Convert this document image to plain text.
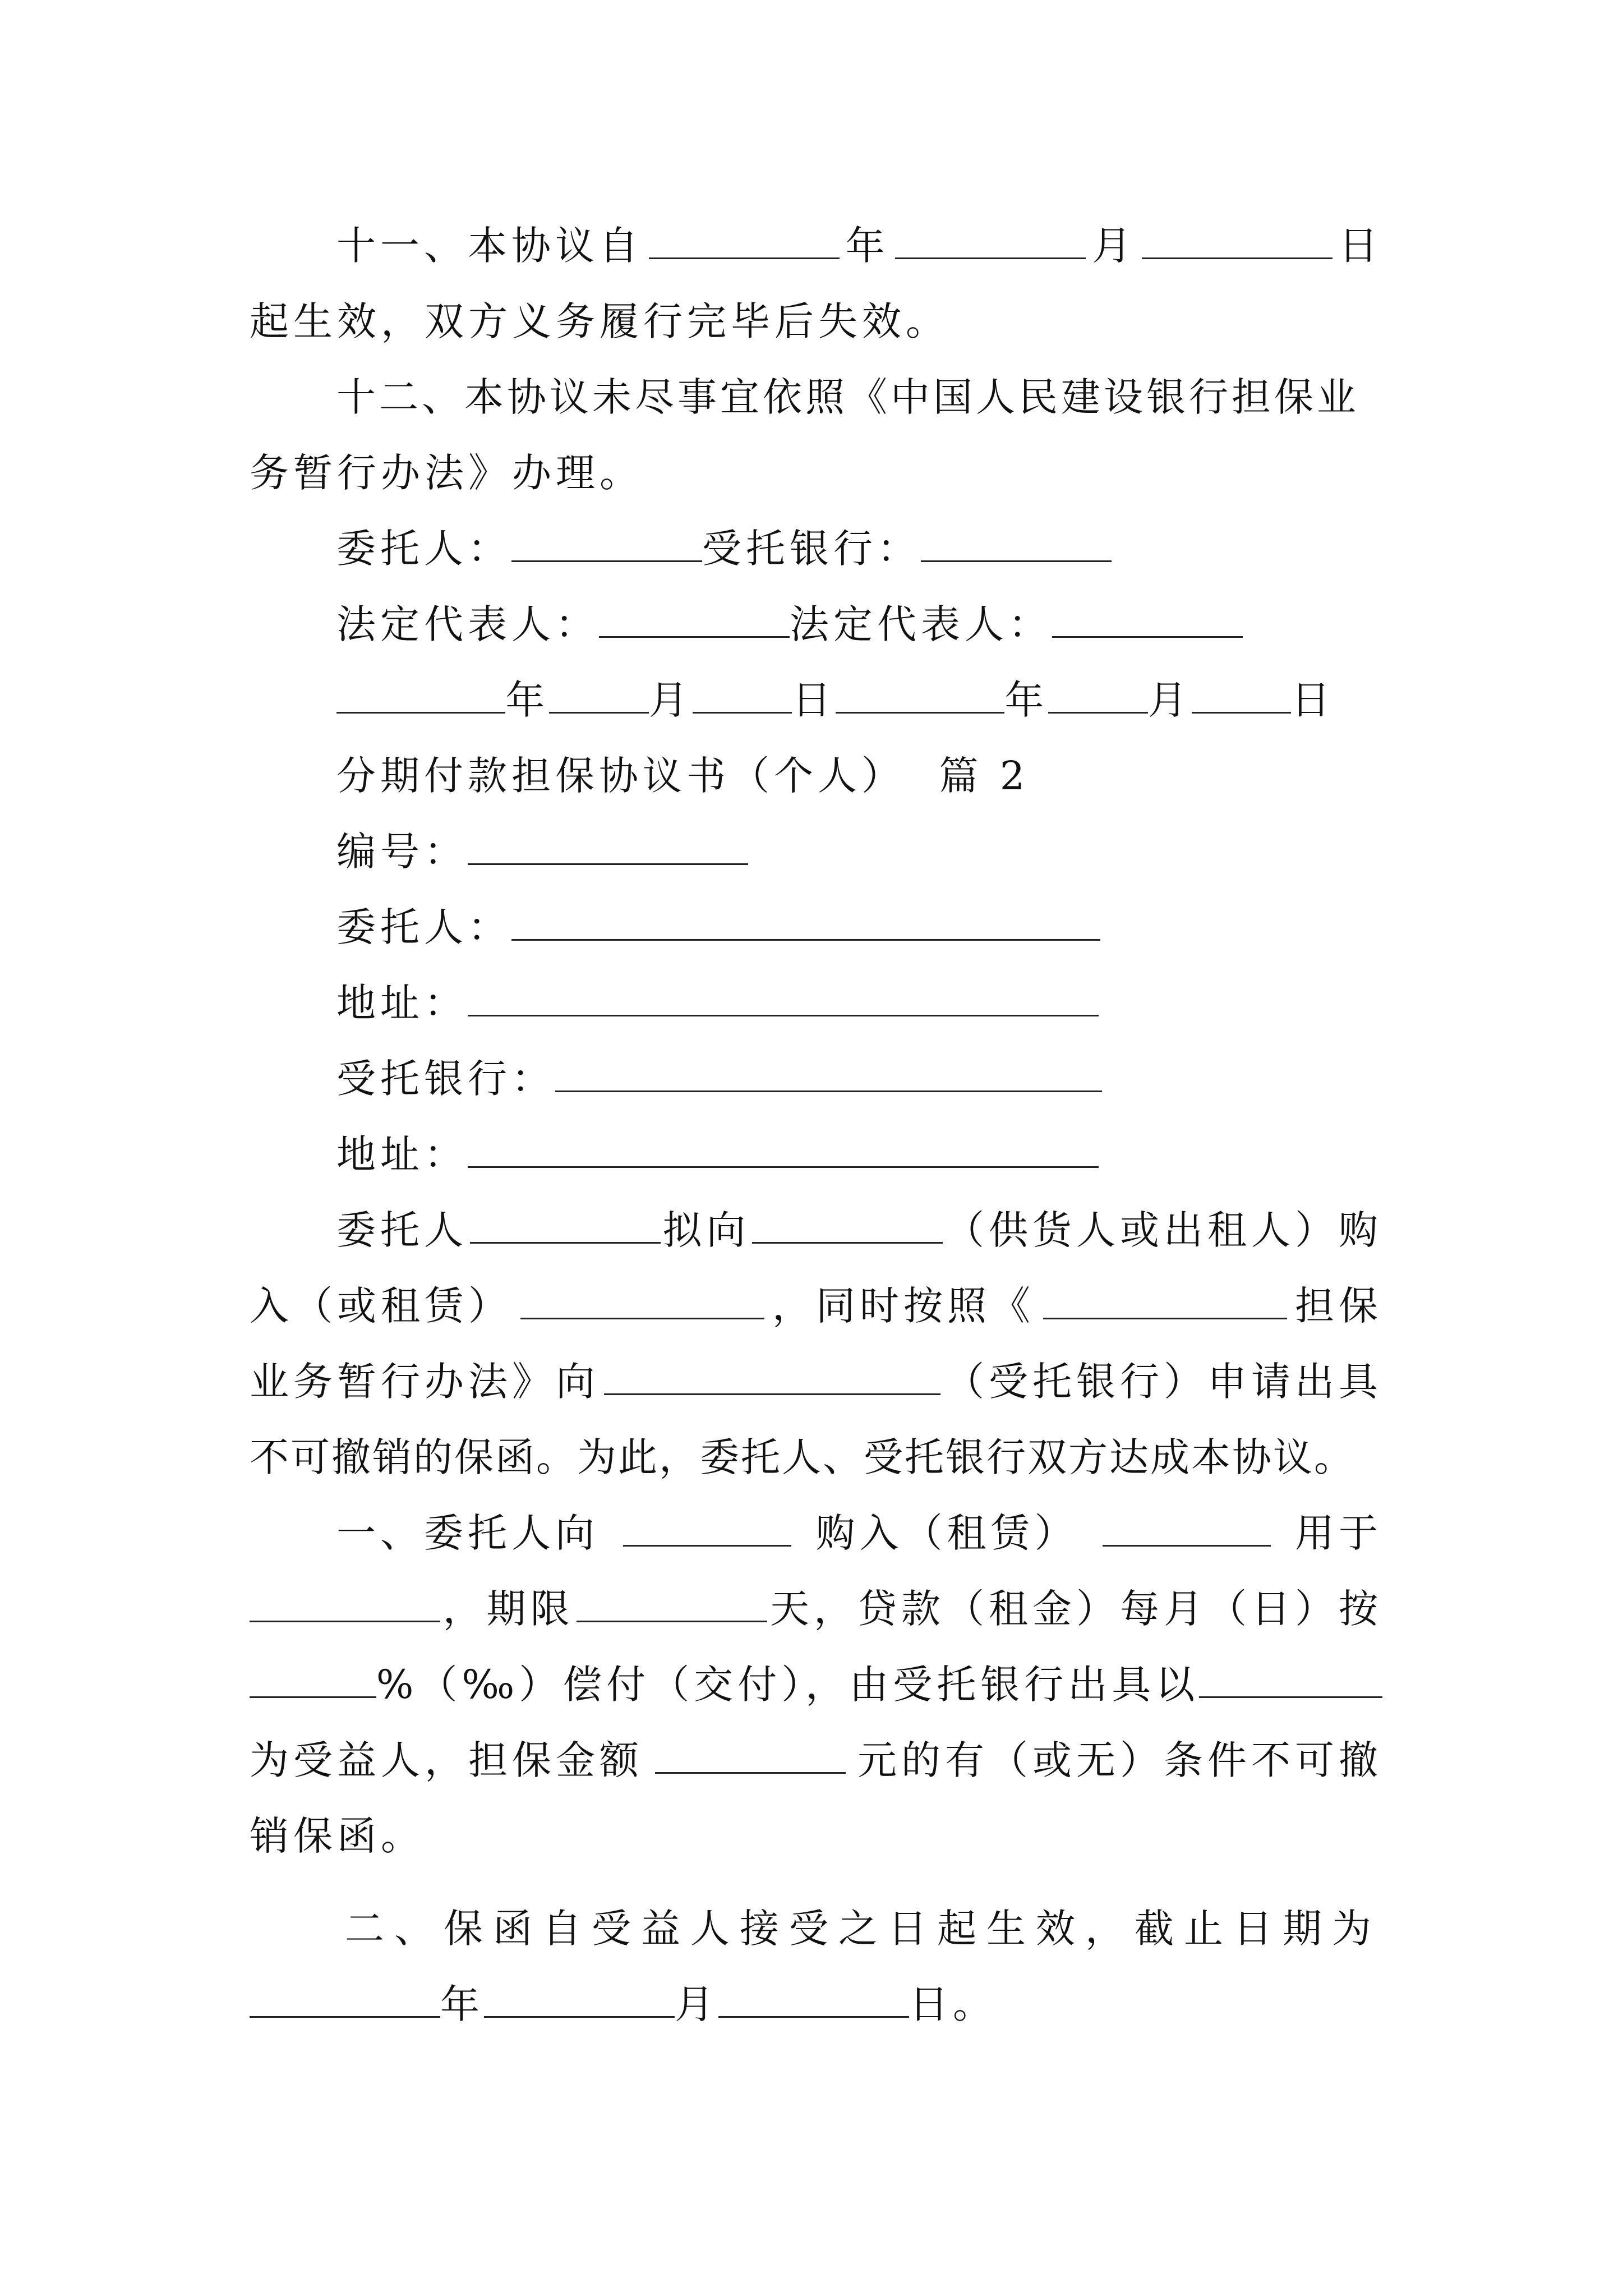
十一、本协议自	年	月	日
起生效，双方义务履行完毕后失效。
十二、本协议未尽事宜依照《中国人民建设银行担保业
务暂行办法》办理。
委托人：	受托银行：
法定代表人：	法定代表人：
年	月	日	年	月	日
分期付款担保协议书（个人）  篇 2
编号：
委托人：
地址：
受托银行：
地址：
委托人	拟向	（供货人或出租人）购
入（或租赁）	，同时按照《	担保
业务暂行办法》向	（受托银行）申请出具
不可撤销的保函。为此，委托人、受托银行双方达成本协议。
一、委托人向	购入（租赁）	用于
，期限	天，贷款（租金）每月（日）按
%（‰）偿付（交付），由受托银行出具以
为受益人，担保金额	元的有（或无）条件不可撤
销保函。
二、保函自受益人接受之日起生效，截止日期为
年	月	日。
